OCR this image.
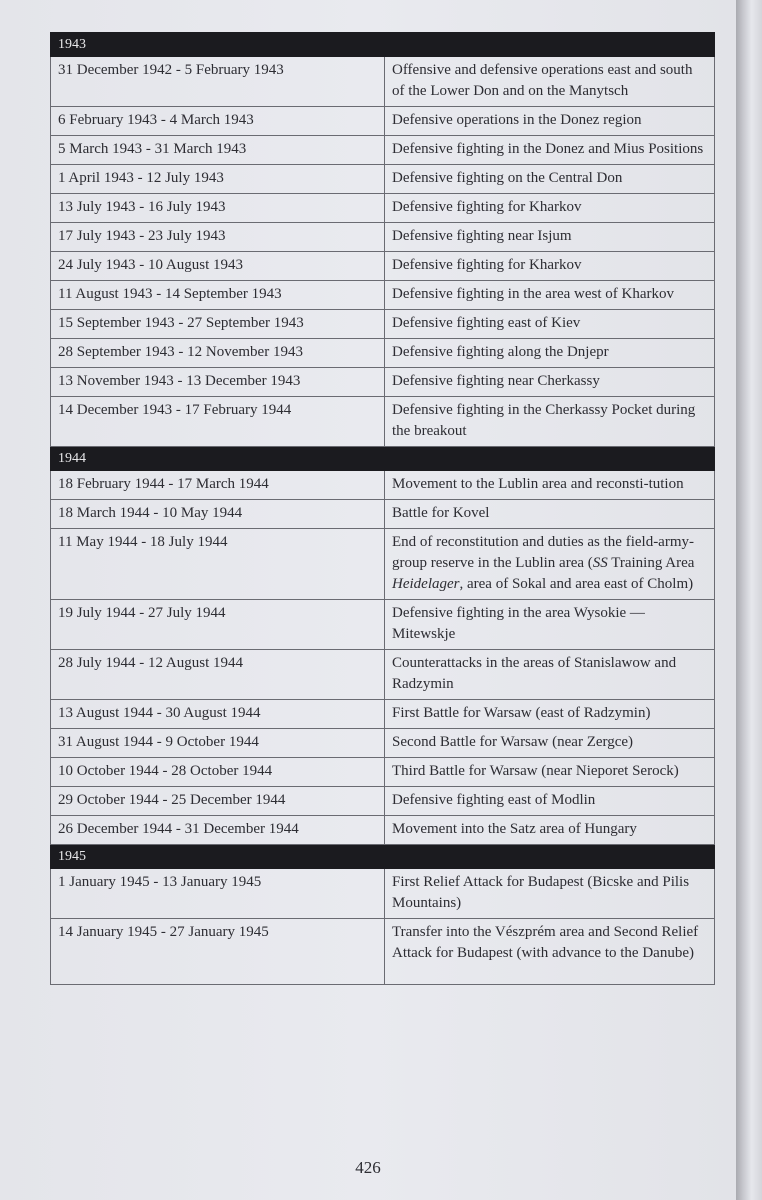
1943	
31 December 1942 - 5 February 1943	Offensive and defensive operations east and south of the Lower Don and on the Manytsch
6 February 1943 - 4 March 1943	Defensive operations in the Donez region
5 March 1943 - 31 March 1943	Defensive fighting in the Donez and Mius Positions
1 April 1943 - 12 July 1943	Defensive fighting on the Central Don
13 July 1943 - 16 July 1943	Defensive fighting for Kharkov
17 July 1943 - 23 July 1943	Defensive fighting near Isjum
24 July 1943 - 10 August 1943	Defensive fighting for Kharkov
11 August 1943 - 14 September 1943	Defensive fighting in the area west of Kharkov
15 September 1943 - 27 September 1943	Defensive fighting east of Kiev
28 September 1943 - 12 November 1943	Defensive fighting along the Dnjepr
13 November 1943 - 13 December 1943	Defensive fighting near Cherkassy
14 December 1943 - 17 February 1944	Defensive fighting in the Cherkassy Pocket during the breakout
1944	
18 February 1944 - 17 March 1944	Movement to the Lublin area and reconsti-tution
18 March 1944 - 10 May 1944	Battle for Kovel
11 May 1944 - 18 July 1944	End of reconstitution and duties as the field-army-group reserve in the Lublin area (SS Training Area Heidelager, area of Sokal and area east of Cholm)
19 July 1944 - 27 July 1944	Defensive fighting in the area Wysokie — Mitewskje
28 July 1944 - 12 August 1944	Counterattacks in the areas of Stanislawow and Radzymin
13 August 1944 - 30 August 1944	First Battle for Warsaw (east of Radzymin)
31 August 1944 - 9 October 1944	Second Battle for Warsaw (near Zergce)
10 October 1944 - 28 October 1944	Third Battle for Warsaw (near Nieporet Serock)
29 October 1944 - 25 December 1944	Defensive fighting east of Modlin
26 December 1944 - 31 December 1944	Movement into the Satz area of Hungary
1945	
1 January 1945 - 13 January 1945	First Relief Attack for Budapest (Bicske and Pilis Mountains)
14 January 1945 - 27 January 1945	Transfer into the Vészprém area and Second Relief Attack for Budapest (with advance to the Danube)
426
